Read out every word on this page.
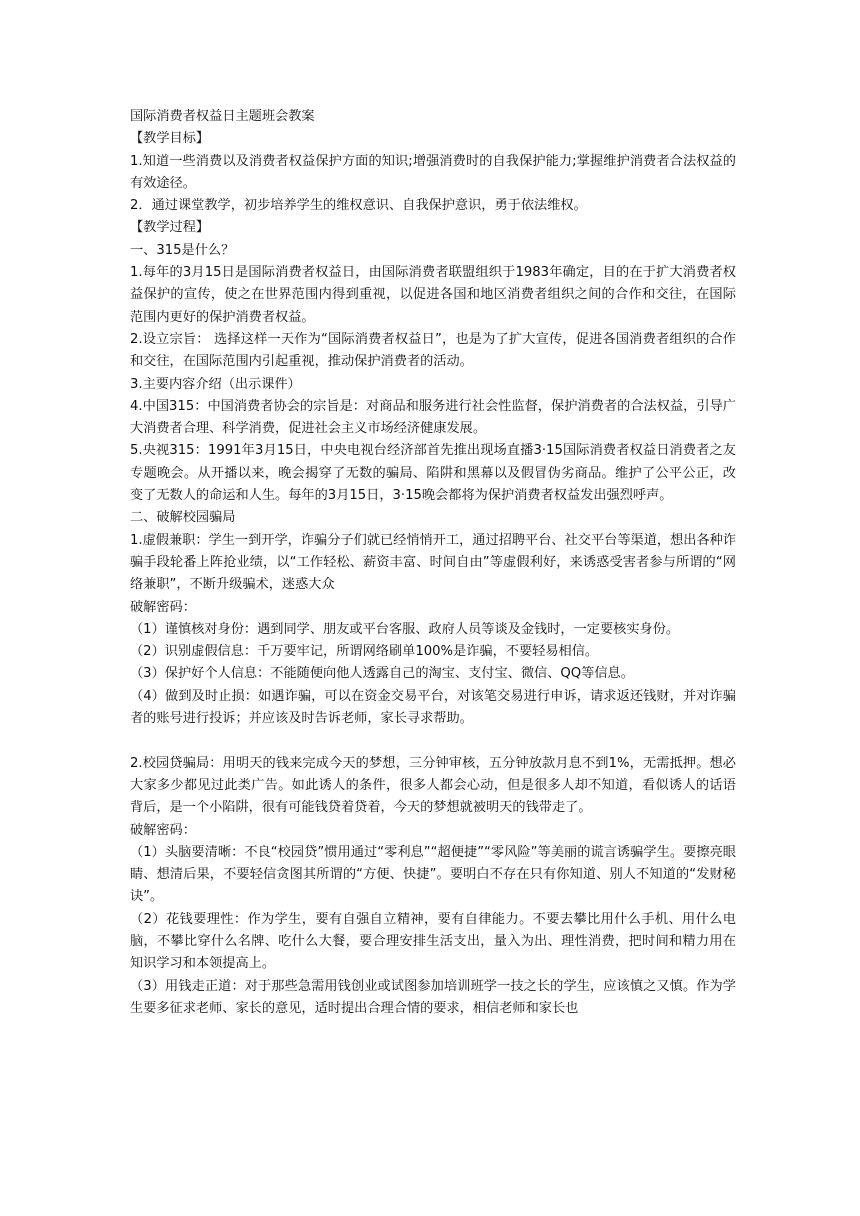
国际消费者权益日主题班会教案

【教学目标】

1.知道一些消费以及消费者权益保护方面的知识;增强消费时的自我保护能力;掌握维护消费者合法权益的有效途径。

2．通过课堂教学，初步培养学生的维权意识、自我保护意识，勇于依法维权。

【教学过程】

一、315是什么？

1.每年的3月15日是国际消费者权益日，由国际消费者联盟组织于1983年确定，目的在于扩大消费者权益保护的宣传，使之在世界范围内得到重视，以促进各国和地区消费者组织之间的合作和交往，在国际范围内更好的保护消费者权益。

2.设立宗旨： 选择这样一天作为“国际消费者权益日”，也是为了扩大宣传，促进各国消费者组织的合作和交往，在国际范围内引起重视，推动保护消费者的活动。

3.主要内容介绍（出示课件）

4.中国315：中国消费者协会的宗旨是：对商品和服务进行社会性监督，保护消费者的合法权益，引导广大消费者合理、科学消费，促进社会主义市场经济健康发展。

5.央视315：1991年3月15日，中央电视台经济部首先推出现场直播3·15国际消费者权益日消费者之友专题晚会。从开播以来，晚会揭穿了无数的骗局、陷阱和黑幕以及假冒伪劣商品。维护了公平公正，改变了无数人的命运和人生。每年的3月15日，3·15晚会都将为保护消费者权益发出强烈呼声。

二、破解校园骗局

1.虚假兼职：学生一到开学，诈骗分子们就已经悄悄开工，通过招聘平台、社交平台等渠道，想出各种诈骗手段轮番上阵抢业绩，以“工作轻松、薪资丰富、时间自由”等虚假利好，来诱惑受害者参与所谓的“网络兼职”，不断升级骗术，迷惑大众

破解密码：

（1）谨慎核对身份：遇到同学、朋友或平台客服、政府人员等谈及金钱时，一定要核实身份。

（2）识别虚假信息：千万要牢记，所谓网络刷单100%是诈骗，不要轻易相信。

（3）保护好个人信息：不能随便向他人透露自己的淘宝、支付宝、微信、QQ等信息。

（4）做到及时止损：如遇诈骗，可以在资金交易平台，对该笔交易进行申诉，请求返还钱财，并对诈骗者的账号进行投诉；并应该及时告诉老师，家长寻求帮助。

2.校园贷骗局：用明天的钱来完成今天的梦想，三分钟审核，五分钟放款月息不到1%，无需抵押。想必大家多少都见过此类广告。如此诱人的条件，很多人都会心动，但是很多人却不知道，看似诱人的话语背后，是一个小陷阱，很有可能钱贷着贷着，今天的梦想就被明天的钱带走了。

破解密码：

（1）头脑要清晰：不良“校园贷”惯用通过“零利息”“超便捷”“零风险”等美丽的谎言诱骗学生。要擦亮眼睛、想清后果，不要轻信贪图其所谓的“方便、快捷”。要明白不存在只有你知道、别人不知道的“发财秘诀”。

（2）花钱要理性：作为学生，要有自强自立精神，要有自律能力。不要去攀比用什么手机、用什么电脑，不攀比穿什么名牌、吃什么大餐，要合理安排生活支出，量入为出、理性消费，把时间和精力用在知识学习和本领提高上。

（3）用钱走正道：对于那些急需用钱创业或试图参加培训班学一技之长的学生，应该慎之又慎。作为学生要多征求老师、家长的意见，适时提出合理合情的要求，相信老师和家长也
